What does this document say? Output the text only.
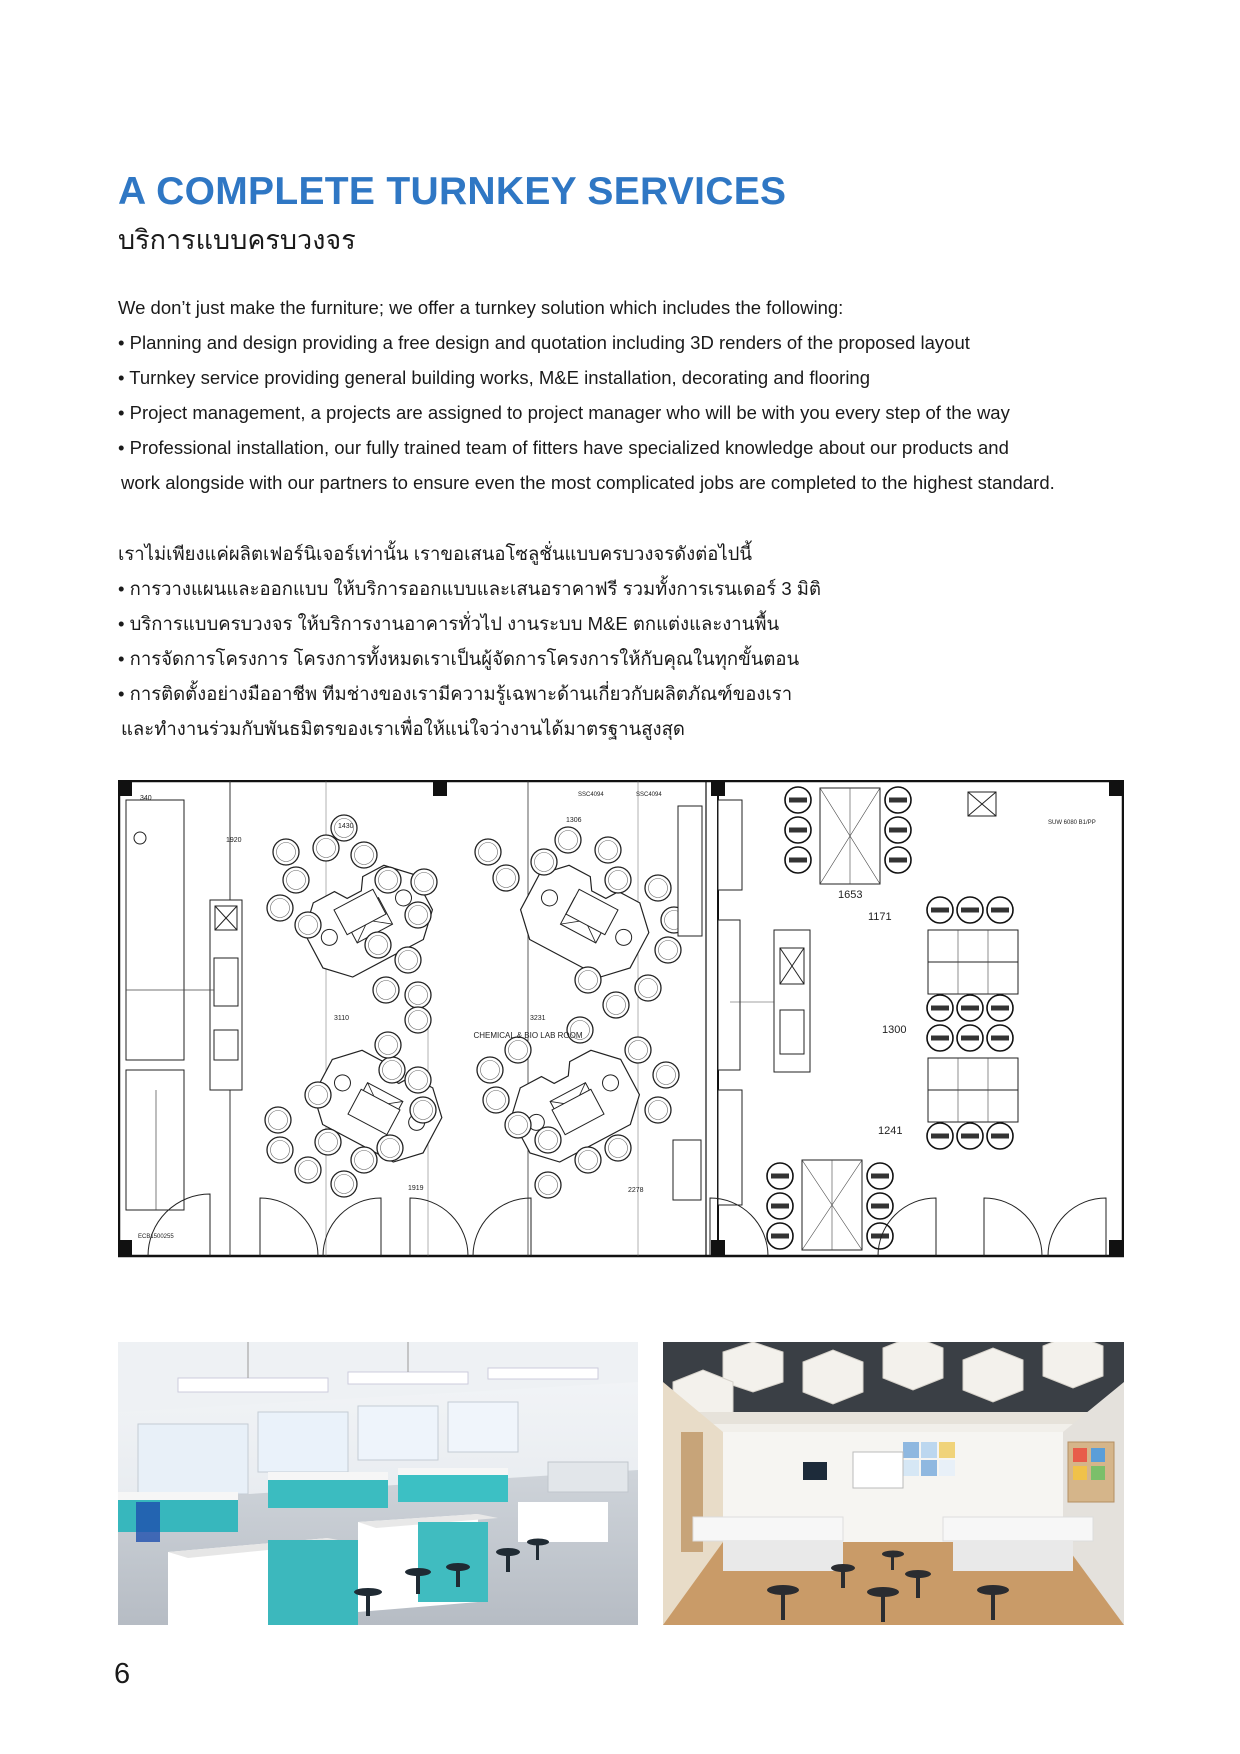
A COMPLETE TURNKEY SERVICES
บริการแบบครบวงจร
We don’t just make the furniture; we offer a turnkey solution which includes the following:
• Planning and design providing a free design and quotation including 3D renders of the proposed layout
• Turnkey service providing general building works, M&E installation, decorating and flooring
• Project management, a projects are assigned to project manager who will be with you every step of the way
• Professional installation, our fully trained team of fitters have specialized knowledge about our products and
work alongside with our partners to ensure even the most complicated jobs are completed to the highest standard.
เราไม่เพียงแค่ผลิตเฟอร์นิเจอร์เท่านั้น เราขอเสนอโซลูชั่นแบบครบวงจรดังต่อไปนี้
• การวางแผนและออกแบบ ให้บริการออกแบบและเสนอราคาฟรี รวมทั้งการเรนเดอร์ 3 มิติ
• บริการแบบครบวงจร ให้บริการงานอาคารทั่วไป งานระบบ M&E ตกแต่งและงานพื้น
• การจัดการโครงการ โครงการทั้งหมดเราเป็นผู้จัดการโครงการให้กับคุณในทุกขั้นตอน
• การติดตั้งอย่างมืออาชีพ ทีมช่างของเรามีความรู้เฉพาะด้านเกี่ยวกับผลิตภัณฑ์ของเรา
และทำงานร่วมกับพันธมิตรของเราเพื่อให้แน่ใจว่างานได้มาตรฐานสูงสุด
CHEMICAL & BIO LAB ROOM
340
1920
1430
1306
3110	3231
1919	2278
1653
1171
1300
1241
SSC4094	SSC4094
SUW 6080 B1/PP
ECB1500255
6
